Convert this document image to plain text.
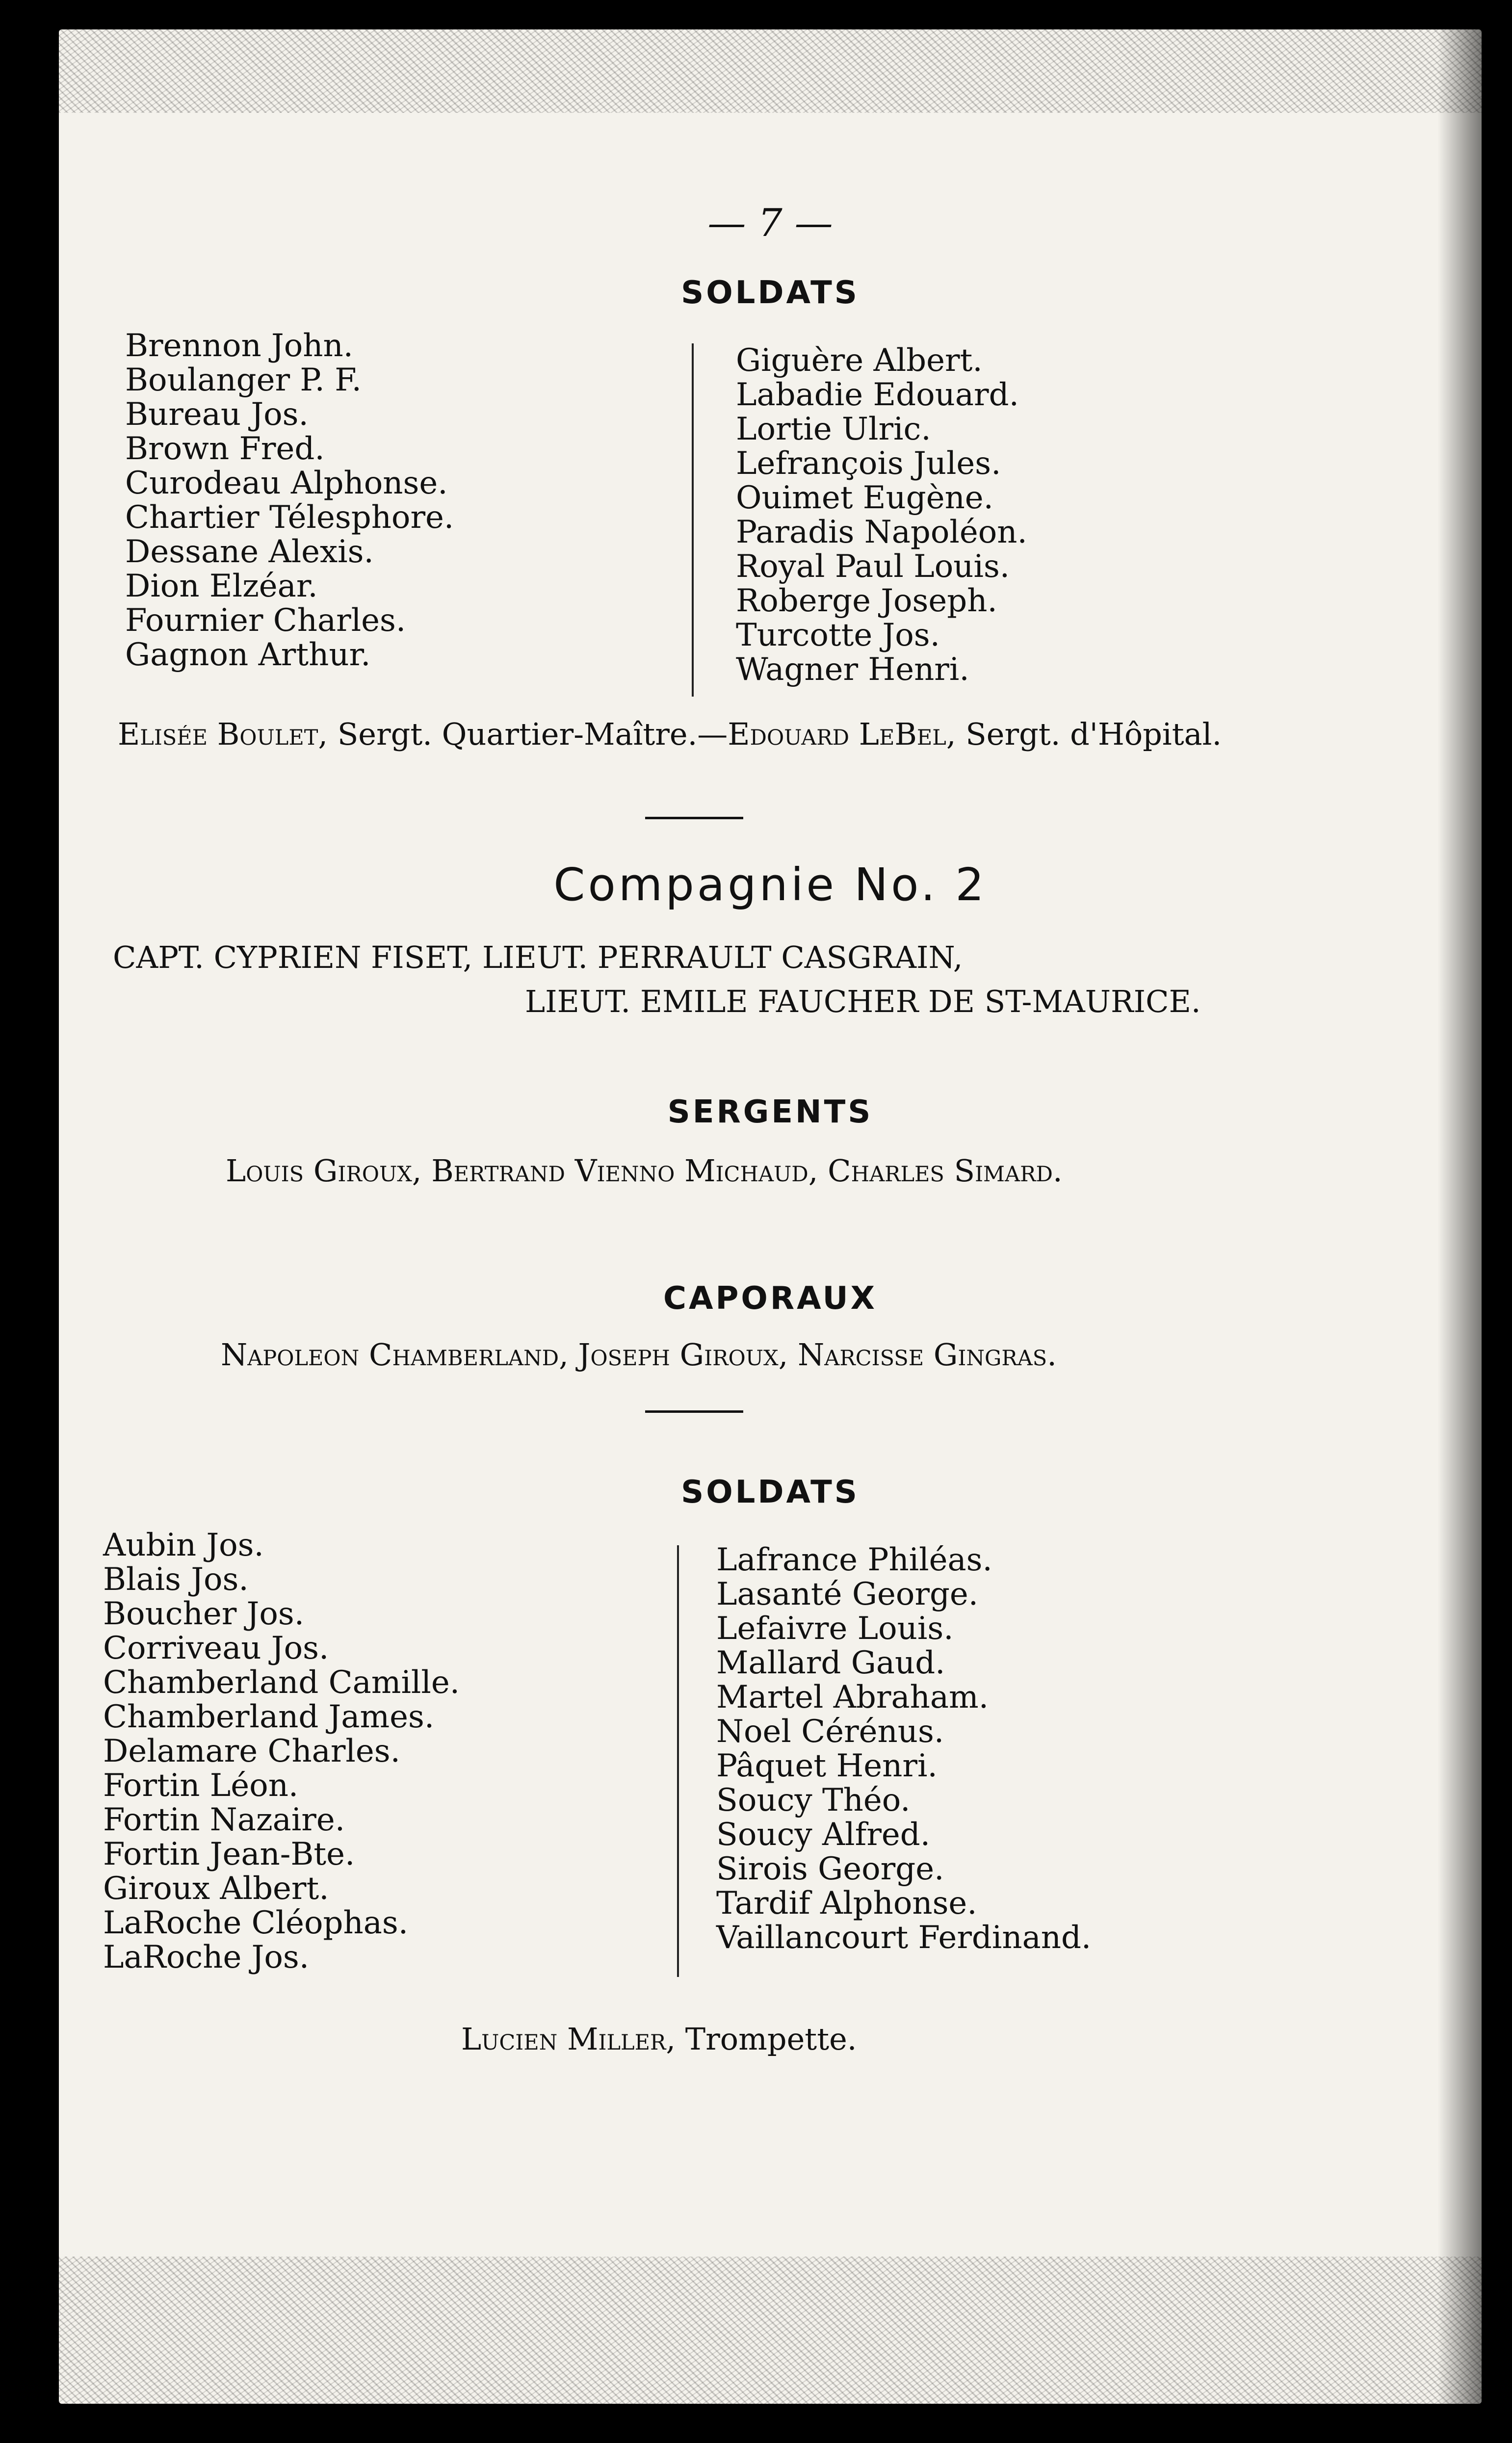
— 7 —
SOLDATS
Brennon John.
Boulanger P. F.
Bureau Jos.
Brown Fred.
Curodeau Alphonse.
Chartier Télesphore.
Dessane Alexis.
Dion Elzéar.
Fournier Charles.
Gagnon Arthur.
Giguère Albert.
Labadie Edouard.
Lortie Ulric.
Lefrançois Jules.
Ouimet Eugène.
Paradis Napoléon.
Royal Paul Louis.
Roberge Joseph.
Turcotte Jos.
Wagner Henri.
Elisée Boulet, Sergt. Quartier-Maître.—Edouard LeBel, Sergt. d'Hôpital.
Compagnie No. 2
CAPT. CYPRIEN FISET, LIEUT. PERRAULT CASGRAIN,
LIEUT. EMILE FAUCHER DE ST-MAURICE.
SERGENTS
Louis Giroux, Bertrand Vienno Michaud, Charles Simard.
CAPORAUX
Napoleon Chamberland, Joseph Giroux, Narcisse Gingras.
SOLDATS
Aubin Jos.
Blais Jos.
Boucher Jos.
Corriveau Jos.
Chamberland Camille.
Chamberland James.
Delamare Charles.
Fortin Léon.
Fortin Nazaire.
Fortin Jean-Bte.
Giroux Albert.
LaRoche Cléophas.
LaRoche Jos.
Lafrance Philéas.
Lasanté George.
Lefaivre Louis.
Mallard Gaud.
Martel Abraham.
Noel Cérénus.
Pâquet Henri.
Soucy Théo.
Soucy Alfred.
Sirois George.
Tardif Alphonse.
Vaillancourt Ferdinand.
Lucien Miller, Trompette.
